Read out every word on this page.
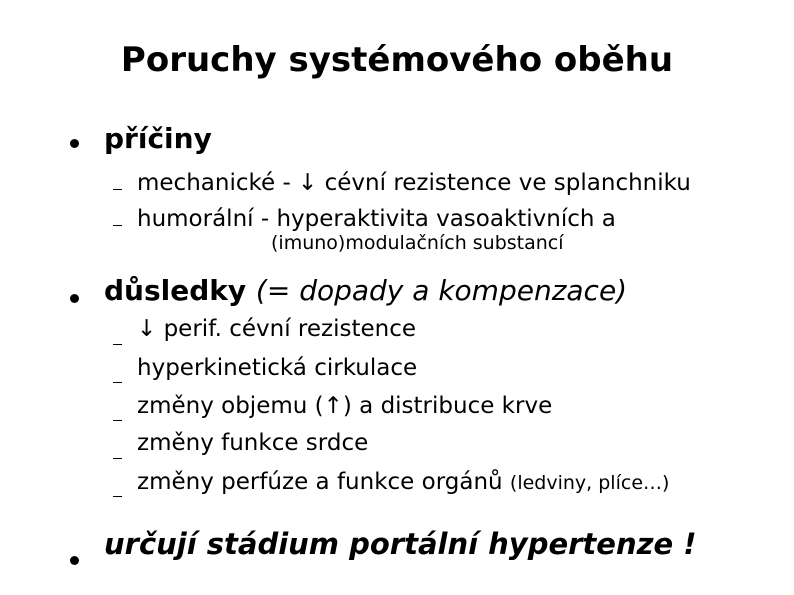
Poruchy systémového oběhu
příčiny
mechanické - ↓ cévní rezistence ve splanchniku
humorální - hyperaktivita vasoaktivních a
(imuno)modulačních substancí
důsledky (= dopady a kompenzace)
↓ perif. cévní rezistence
hyperkinetická cirkulace
změny objemu (↑) a distribuce krve
změny funkce srdce
změny perfúze a funkce orgánů (ledviny, plíce…)
určují stádium portální hypertenze !
